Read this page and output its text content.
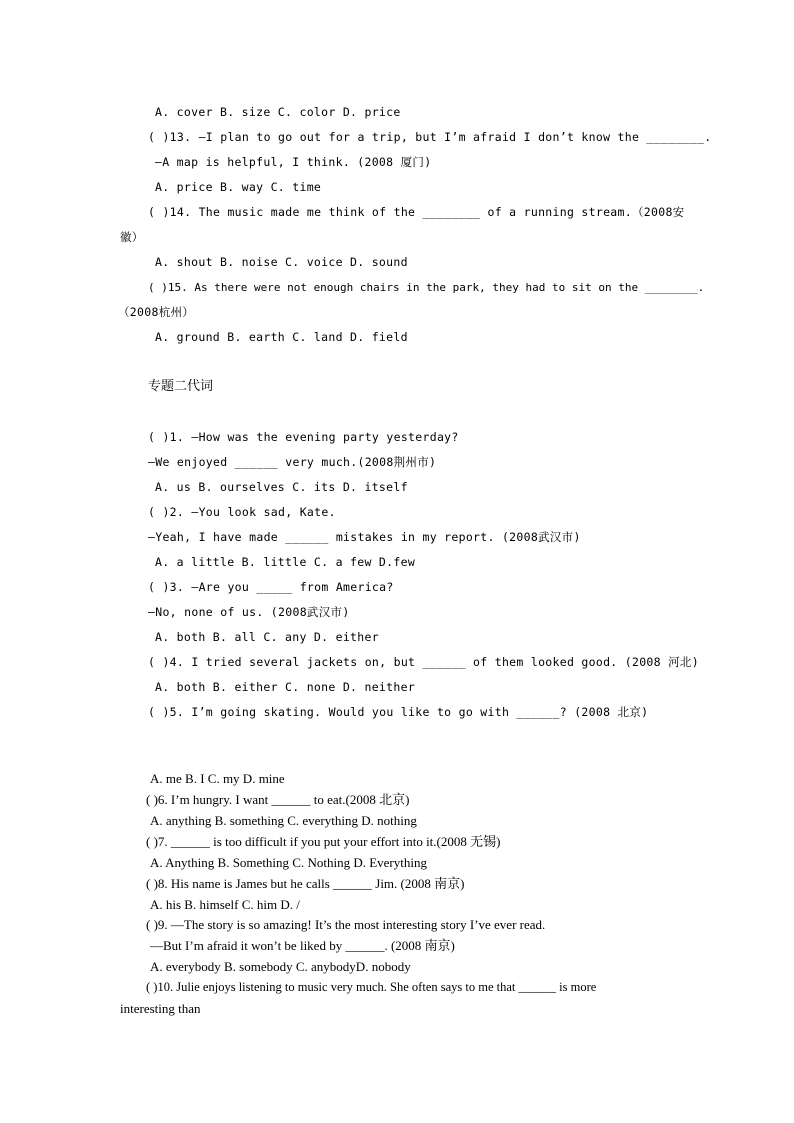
A. cover B. size C. color D. price
( )13. —I plan to go out for a trip, but I’m afraid I don’t know the ________.
—A map is helpful, I think. (2008 厦门)
A. price B. way C. time
( )14. The music made me think of the ________ of a running stream.（2008安
徽）
A. shout B. noise C. voice D. sound
( )15. As there were not enough chairs in the park, they had to sit on the ________.
（2008杭州）
A. ground B. earth C. land D. field
专题二代词
( )1. —How was the evening party yesterday?
—We enjoyed ______ very much.(2008荆州市)
A. us B. ourselves C. its D. itself
( )2. —You look sad, Kate.
—Yeah, I have made ______ mistakes in my report. (2008武汉市)
A. a little B. little C. a few D.few
( )3. —Are you _____ from America?
—No, none of us. (2008武汉市)
A. both B. all C. any D. either
( )4. I tried several jackets on, but ______ of them looked good. (2008 河北)
A. both B. either C. none D. neither
( )5. I’m going skating. Would you like to go with ______? (2008 北京)
A. me B. I C. my D. mine
( )6. I’m hungry. I want ______ to eat.(2008 北京)
A. anything B. something C. everything D. nothing
( )7. ______ is too difficult if you put your effort into it.(2008 无锡)
A. Anything B. Something C. Nothing D. Everything
( )8. His name is James but he calls ______ Jim. (2008 南京)
A. his B. himself C. him D. /
( )9. —The story is so amazing! It’s the most interesting story I’ve ever read.
—But I’m afraid it won’t be liked by ______. (2008 南京)
A. everybody B. somebody C. anybodyD. nobody
( )10. Julie enjoys listening to music very much. She often says to me that ______ is more
interesting than
